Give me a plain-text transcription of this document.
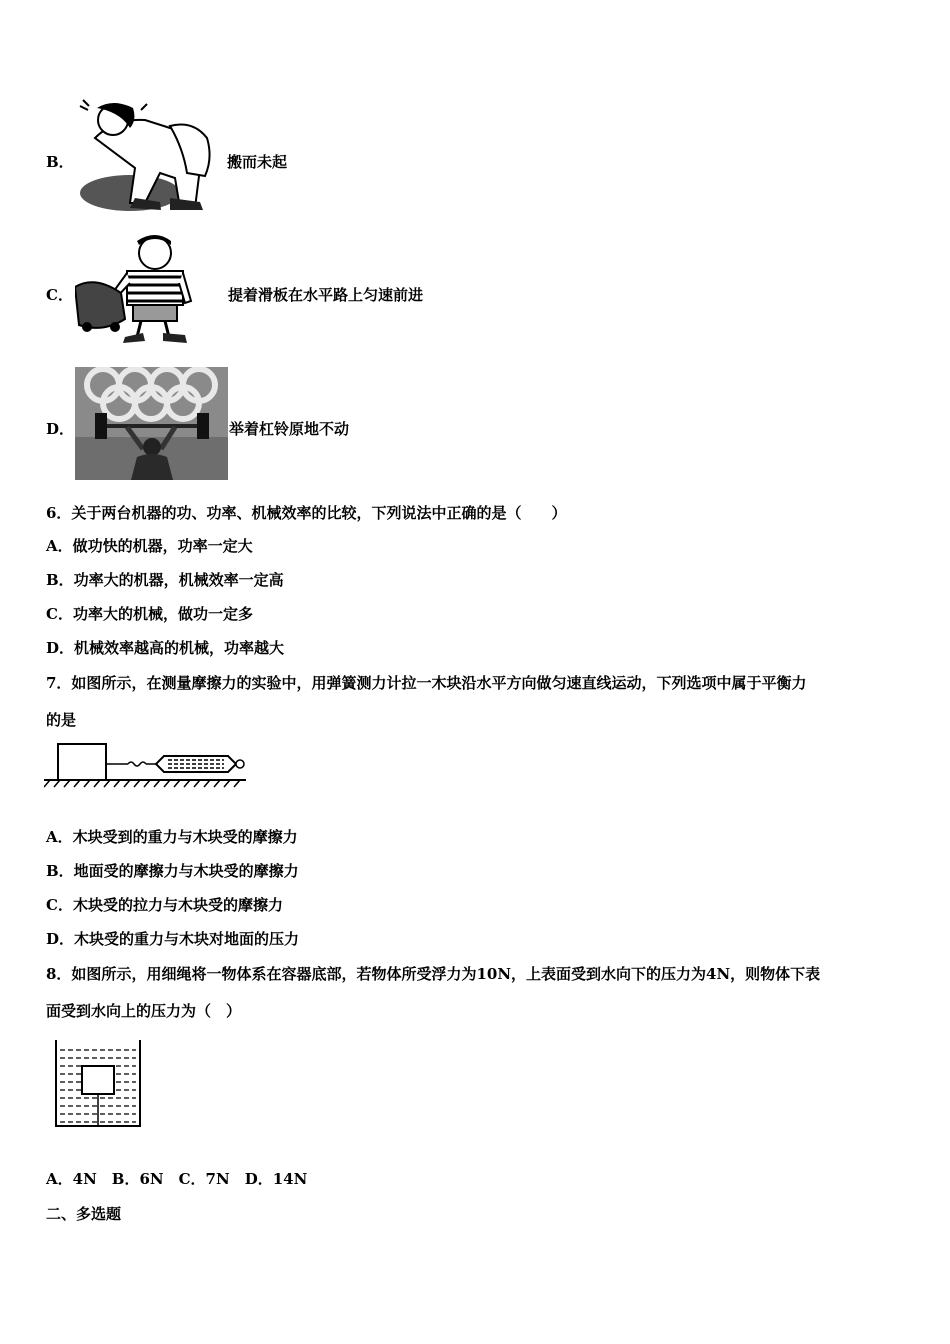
B．	搬而未起
C．	提着滑板在水平路上匀速前进
D．	举着杠铃原地不动
6．关于两台机器的功、功率、机械效率的比较，下列说法中正确的是（　　）
A．做功快的机器，功率一定大
B．功率大的机器，机械效率一定高
C．功率大的机械，做功一定多
D．机械效率越高的机械，功率越大
7．如图所示，在测量摩擦力的实验中，用弹簧测力计拉一木块沿水平方向做匀速直线运动，下列选项中属于平衡力
的是
A．木块受到的重力与木块受的摩擦力
B．地面受的摩擦力与木块受的摩擦力
C．木块受的拉力与木块受的摩擦力
D．木块受的重力与木块对地面的压力
8．如图所示，用细绳将一物体系在容器底部，若物体所受浮力为10N，上表面受到水向下的压力为4N，则物体下表
面受到水向上的压力为（　）
A．4N　B．6N　C．7N　D．14N
二、多选题
